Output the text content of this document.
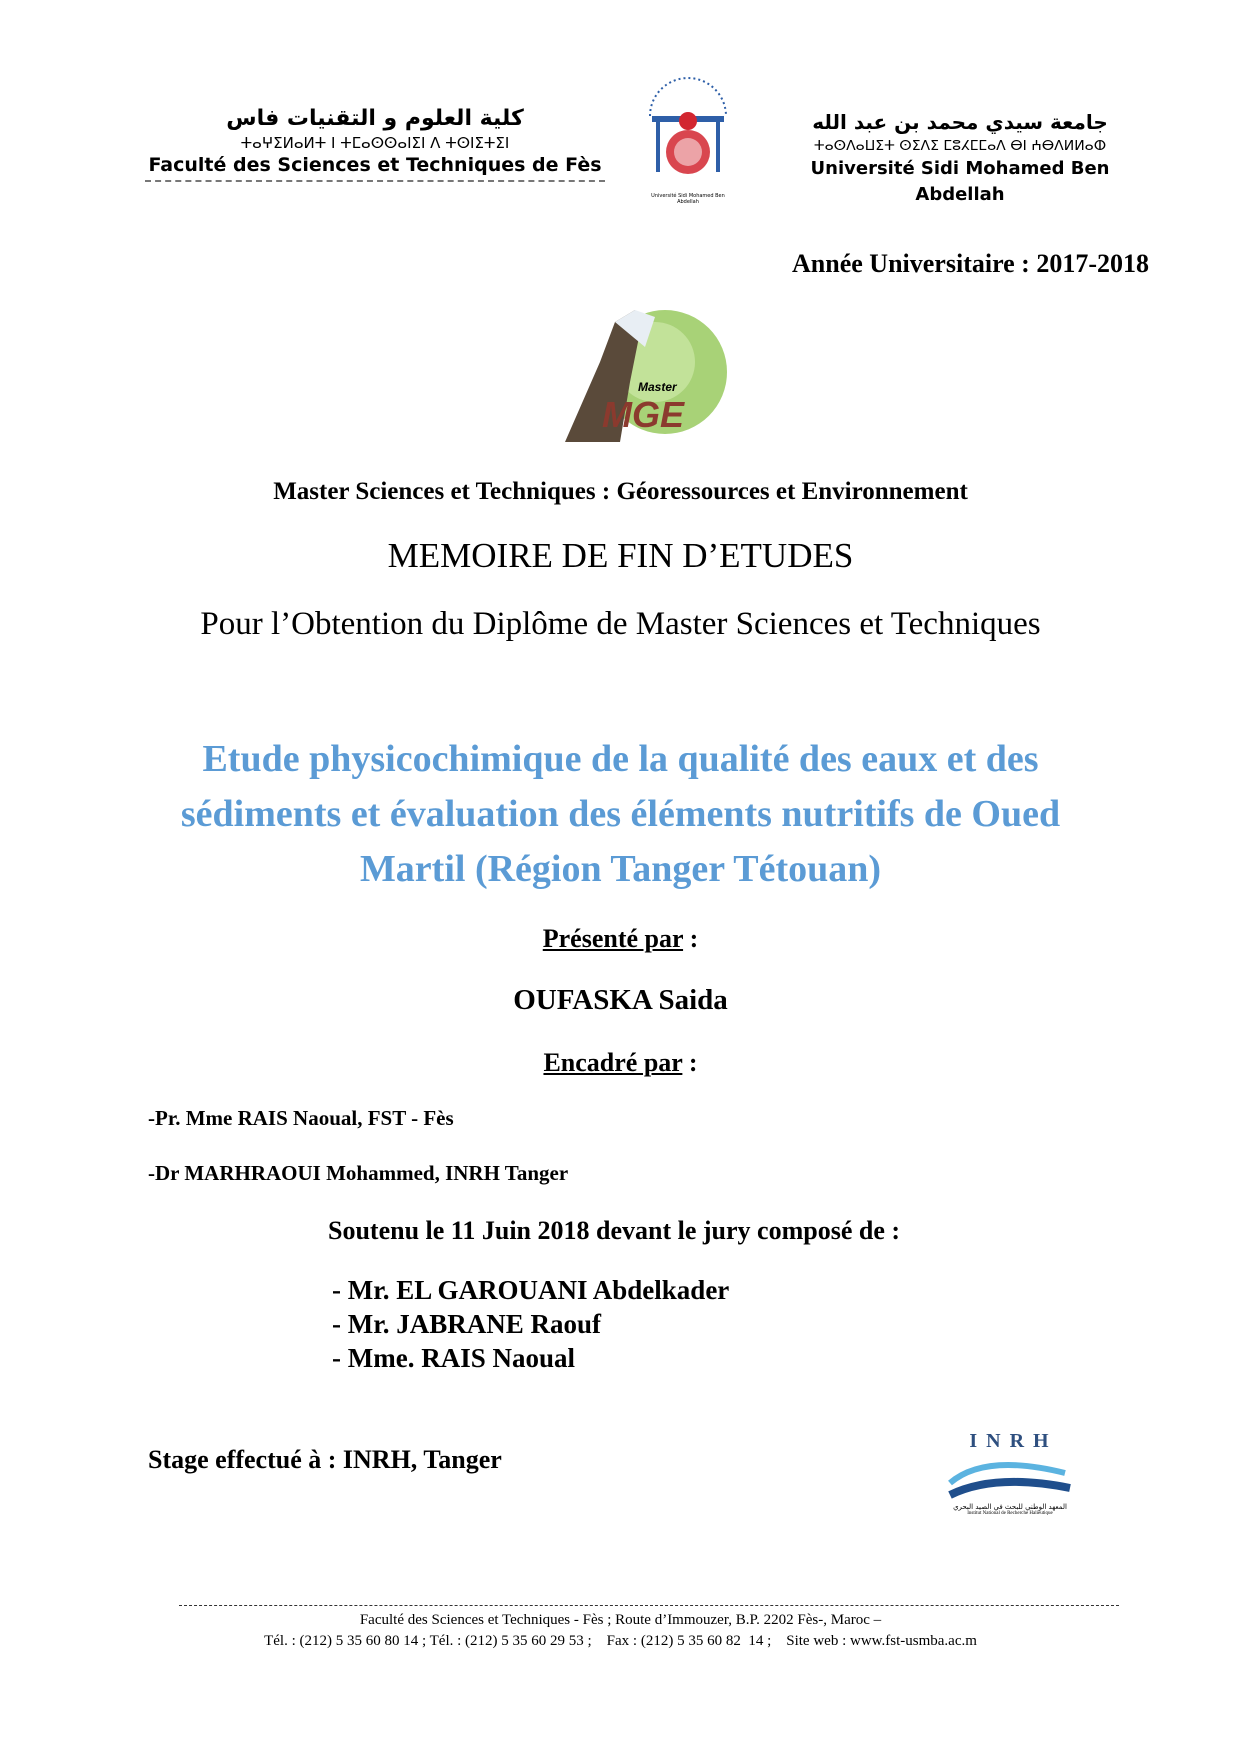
كلية العلوم و التقنيات فاس
ⵜⴰⵖⵉⵍⴰⵍⵜ ⵏ ⵜⵎⴰⵙⵙⴰⵏⵉⵏ ⴷ ⵜⵙⵏⵉⵜⵉⵏ
Faculté des Sciences et Techniques de Fès
Université Sidi Mohamed Ben Abdellah
جامعة سيدي محمد بن عبد الله
ⵜⴰⵙⴷⴰⵡⵉⵜ ⵙⵉⴷⵉ ⵎⵓⵃⵎⵎⴰⴷ ⴱⵏ ⵄⴱⴷⵍⵍⴰⵀ
Université Sidi Mohamed Ben Abdellah
Année Universitaire : 2017-2018
Master
MGE
Master Sciences et Techniques : Géoressources et Environnement
MEMOIRE DE FIN D’ETUDES
Pour l’Obtention du Diplôme de Master Sciences et Techniques
Etude physicochimique de la qualité des eaux et des
sédiments et évaluation des éléments nutritifs de Oued
Martil (Région Tanger Tétouan)
Présenté par :
OUFASKA Saida
Encadré par :
-Pr. Mme RAIS Naoual, FST - Fès
-Dr MARHRAOUI Mohammed, INRH Tanger
Soutenu le 11 Juin 2018 devant le jury composé de :
- Mr. EL GAROUANI Abdelkader
- Mr. JABRANE Raouf
- Mme. RAIS Naoual
Stage effectué à : INRH, Tanger
I N R H
المعهد الوطني للبحث في الصيد البحري
Institut National de Recherche Halieutique
Faculté des Sciences et Techniques - Fès ; Route d’Immouzer, B.P. 2202 Fès-, Maroc –
Tél. : (212) 5 35 60 80 14 ; Tél. : (212) 5 35 60 29 53 ;    Fax : (212) 5 35 60 82  14 ;    Site web : www.fst-usmba.ac.m
